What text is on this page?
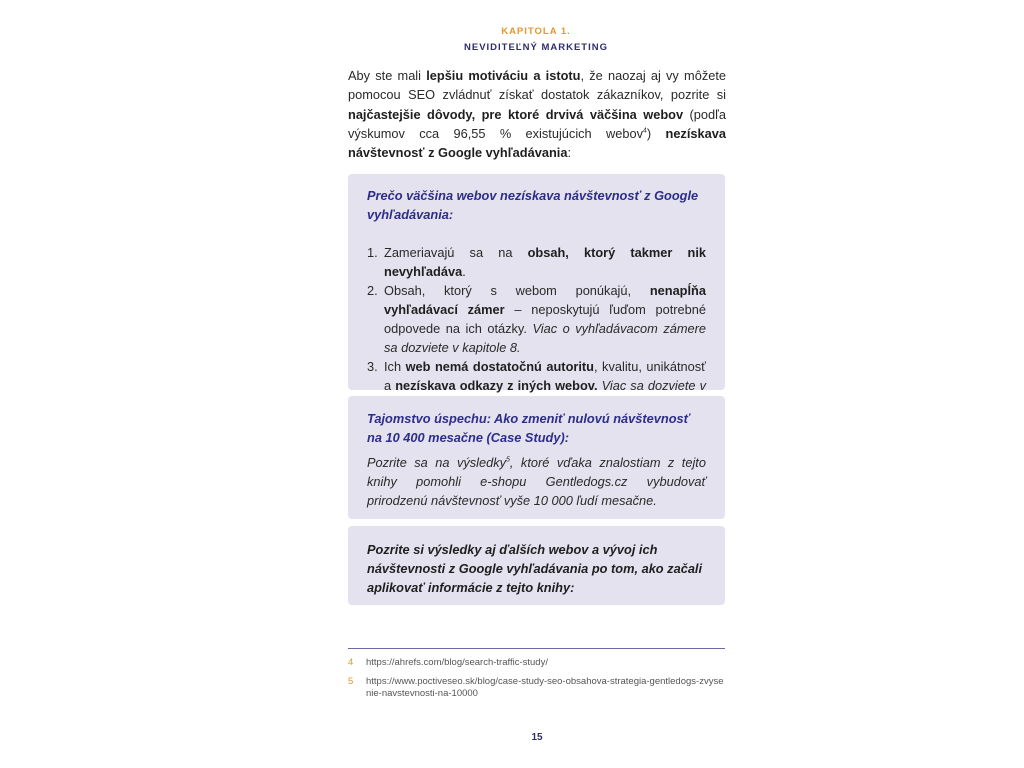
KAPITOLA 1.
NEVIDITEĽNÝ MARKETING
Aby ste mali lepšiu motiváciu a istotu, že naozaj aj vy môžete pomocou SEO zvládnuť získať dostatok zákazníkov, pozrite si najčastejšie dôvody, pre ktoré drvivá väčšina webov (podľa výskumov cca 96,55 % existujúcich webov$^4$) nezískava návštevnosť z Google vyhľadávania:
Prečo väčšina webov nezískava návštevnosť z Google vyhľadávania:
1. Zameriavajú sa na obsah, ktorý takmer nik nevyhľadáva.
2. Obsah, ktorý s webom ponúkajú, nenapĺňa vyhľadávací zámer – neposkytujú ľuďom potrebné odpovede na ich otázky. Viac o vyhľadávacom zámere sa dozviete v kapitole 8.
3. Ich web nemá dostatočnú autoritu, kvalitu, unikátnosť a nezískava odkazy z iných webov. Viac sa dozviete v
Tajomstvo úspechu: Ako zmeniť nulovú návštevnosť
na 10 400 mesačne (Case Study):
Pozrite sa na výsledky$^5$, ktoré vďaka znalostiam z tejto knihy pomohli e-shopu Gentledogs.cz vybudovať prirodzenú návštevnosť vyše 10 000 ľudí mesačne.
Pozrite si výsledky aj ďalších webov a vývoj ich návštevnosti z Google vyhľadávania po tom, ako začali aplikovať informácie z tejto knihy:
4	https://ahrefs.com/blog/search-traffic-study/
5	https://www.poctiveseo.sk/blog/case-study-seo-obsahova-strategia-gentledogs-zvysenie-navstevnosti-na-10000
15
